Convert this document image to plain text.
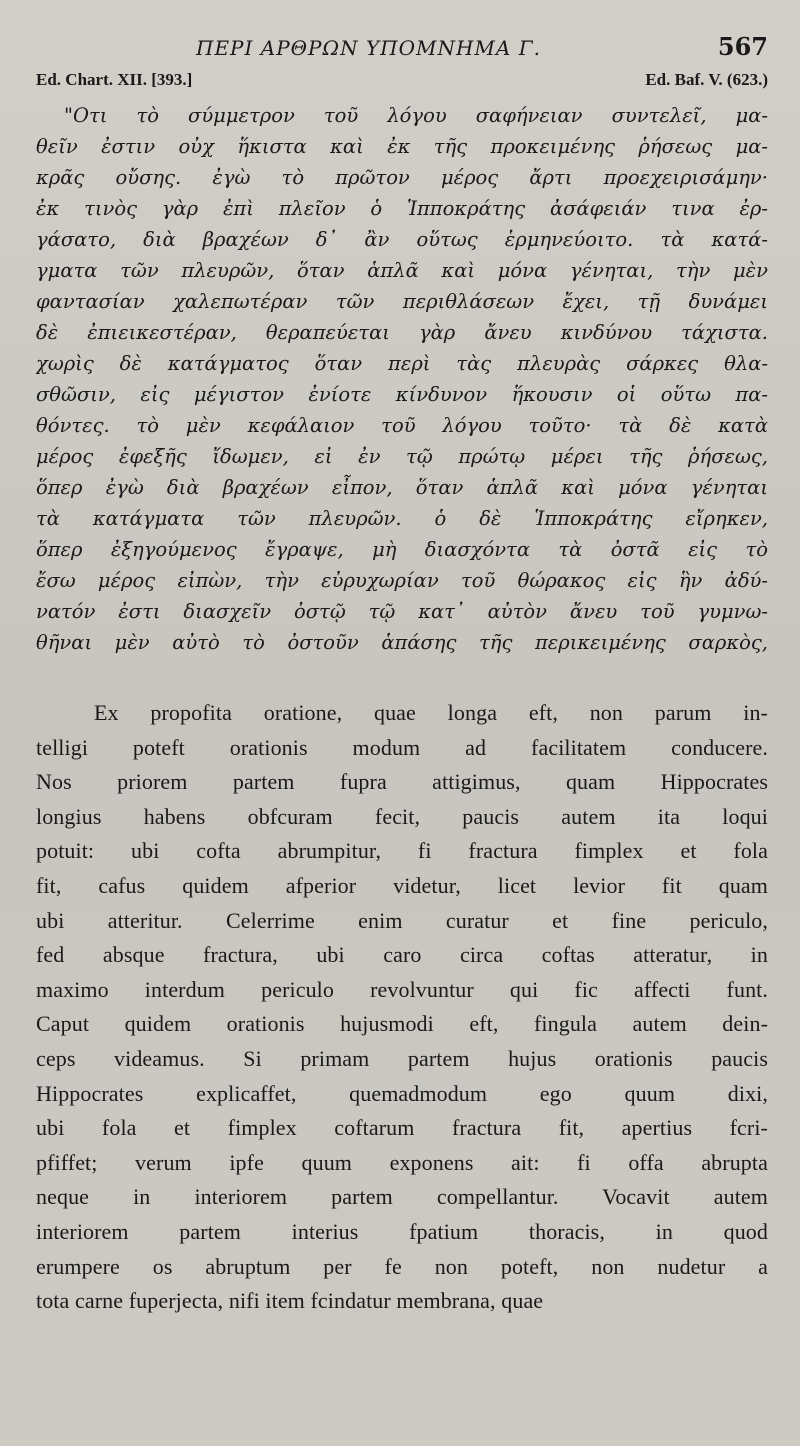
ΠΕΡΙ ΑΡΘΡΩΝ ΥΠΟΜΝΗΜΑ Γ.	567
Ed. Chart. XII. [393.]	Ed. Baf. V. (623.)
"Οτι τὸ σύμμετρον τοῦ λόγου σαφήνειαν συντελεῖ, μα-
θεῖν ἐστιν οὐχ ἥκιστα καὶ ἐκ τῆς προκειμένης ῥήσεως μα-
κρᾶς οὔσης. ἐγὼ τὸ πρῶτον μέρος ἄρτι προεχειρισάμην·
ἐκ τινὸς γὰρ ἐπὶ πλεῖον ὁ Ἱπποκράτης ἀσάφειάν τινα ἐρ-
γάσατο, διὰ βραχέων δ᾽ ἂν οὕτως ἑρμηνεύοιτο. τὰ κατά-
γματα τῶν πλευρῶν, ὅταν ἁπλᾶ καὶ μόνα γένηται, τὴν μὲν
φαντασίαν χαλεπωτέραν τῶν περιθλάσεων ἔχει, τῇ δυνάμει
δὲ ἐπιεικεστέραν, θεραπεύεται γὰρ ἄνευ κινδύνου τάχιστα.
χωρὶς δὲ κατάγματος ὅταν περὶ τὰς πλευρὰς σάρκες θλα-
σθῶσιν, εἰς μέγιστον ἐνίοτε κίνδυνον ἥκουσιν οἱ οὕτω πα-
θόντες. τὸ μὲν κεφάλαιον τοῦ λόγου τοῦτο· τὰ δὲ κατὰ
μέρος ἐφεξῆς ἴδωμεν, εἰ ἐν τῷ πρώτῳ μέρει τῆς ῥήσεως,
ὅπερ ἐγὼ διὰ βραχέων εἶπον, ὅταν ἁπλᾶ καὶ μόνα γένηται
τὰ κατάγματα τῶν πλευρῶν. ὁ δὲ Ἱπποκράτης εἴρηκεν,
ὅπερ ἐξηγούμενος ἔγραψε, μὴ διασχόντα τὰ ὀστᾶ εἰς τὸ
ἔσω μέρος εἰπὼν, τὴν εὐρυχωρίαν τοῦ θώρακος εἰς ἣν ἀδύ-
νατόν ἐστι διασχεῖν ὀστῷ τῷ κατ᾽ αὐτὸν ἄνευ τοῦ γυμνω-
θῆναι μὲν αὐτὸ τὸ ὀστοῦν ἁπάσης τῆς περικειμένης σαρκὸς,
Ex propofita oratione, quae longa eft, non parum in-
telligi poteft orationis modum ad facilitatem conducere.
Nos priorem partem fupra attigimus, quam Hippocrates
longius habens obfcuram fecit, paucis autem ita loqui
potuit: ubi cofta abrumpitur, fi fractura fimplex et fola
fit, cafus quidem afperior videtur, licet levior fit quam
ubi atteritur. Celerrime enim curatur et fine periculo,
fed absque fractura, ubi caro circa coftas atteratur, in
maximo interdum periculo revolvuntur qui fic affecti funt.
Caput quidem orationis hujusmodi eft, fingula autem dein-
ceps videamus. Si primam partem hujus orationis paucis
Hippocrates explicaffet, quemadmodum ego quum dixi,
ubi fola et fimplex coftarum fractura fit, apertius fcri-
pfiffet; verum ipfe quum exponens ait: fi offa abrupta
neque in interiorem partem compellantur. Vocavit autem
interiorem partem interius fpatium thoracis, in quod
erumpere os abruptum per fe non poteft, non nudetur a
tota carne fuperjecta, nifi item fcindatur membrana, quae
